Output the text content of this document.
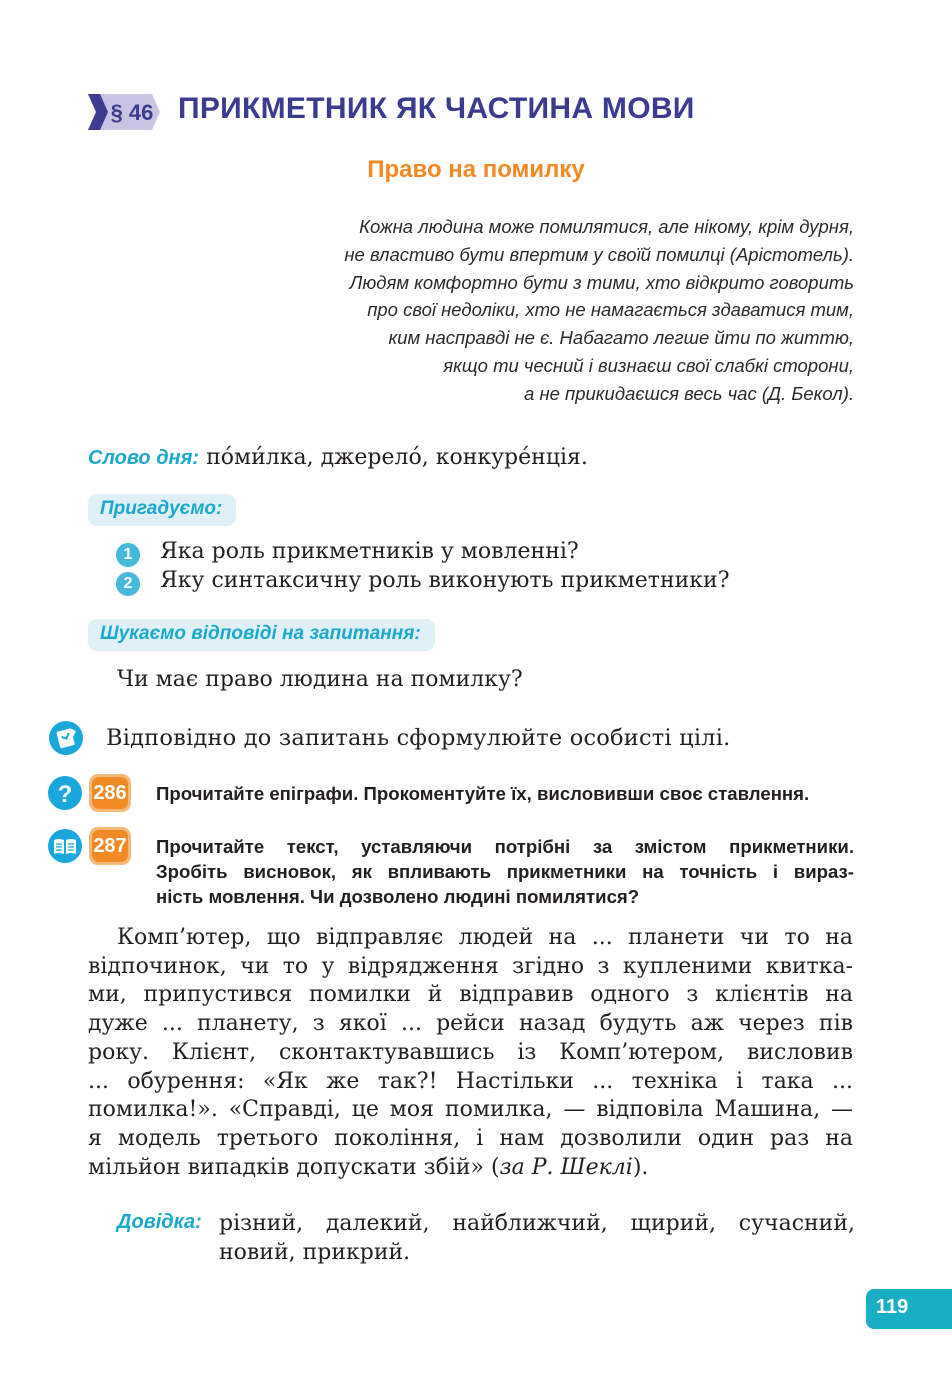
§ 46 ПРИКМЕТНИК ЯК ЧАСТИНА МОВИ
Право на помилку
Кожна людина може помилятися, але нікому, крім дурня,
не властиво бути впертим у своїй помилці (Арістотель).
Людям комфортно бути з тими, хто відкрито говорить
про свої недоліки, хто не намагається здаватися тим,
ким насправді не є. Набагато легше йти по життю,
якщо ти чесний і визнаєш свої слабкі сторони,
а не прикидаєшся весь час (Д. Бекол).
Слово дня: по́ми́лка, джерело́, конкуре́нція.
Пригадуємо:
1	Яка роль прикметників у мовленні?
2	Яку синтаксичну роль виконують прикметники?
Шукаємо відповіді на запитання:
Чи має право людина на помилку?
Відповідно до запитань сформулюйте особисті цілі.
? 286 Прочитайте епіграфи. Прокоментуйте їх, висловивши своє ставлення.
287 Прочитайте текст, уставляючи потрібні за змістом прикметники.
Зробіть висновок, як впливають прикметники на точність і вираз-
ність мовлення. Чи дозволено людині помилятися?
Комп’ютер, що відправляє людей на ... планети чи то на
відпочинок, чи то у відрядження згідно з купленими квитка-
ми, припустився помилки й відправив одного з клієнтів на
дуже ... планету, з якої ... рейси назад будуть аж через пів
року. Клієнт, сконтактувавшись із Комп’ютером, висловив
... обурення: «Як же так?! Настільки ... техніка і така ...
помилка!». «Справді, це моя помилка, — відповіла Машина, —
я модель третього покоління, і нам дозволили один раз на
мільйон випадків допускати збій» (за Р. Шеклі).
Довідка: різний, далекий, найближчий, щирий, сучасний,
новий, прикрий.
119
